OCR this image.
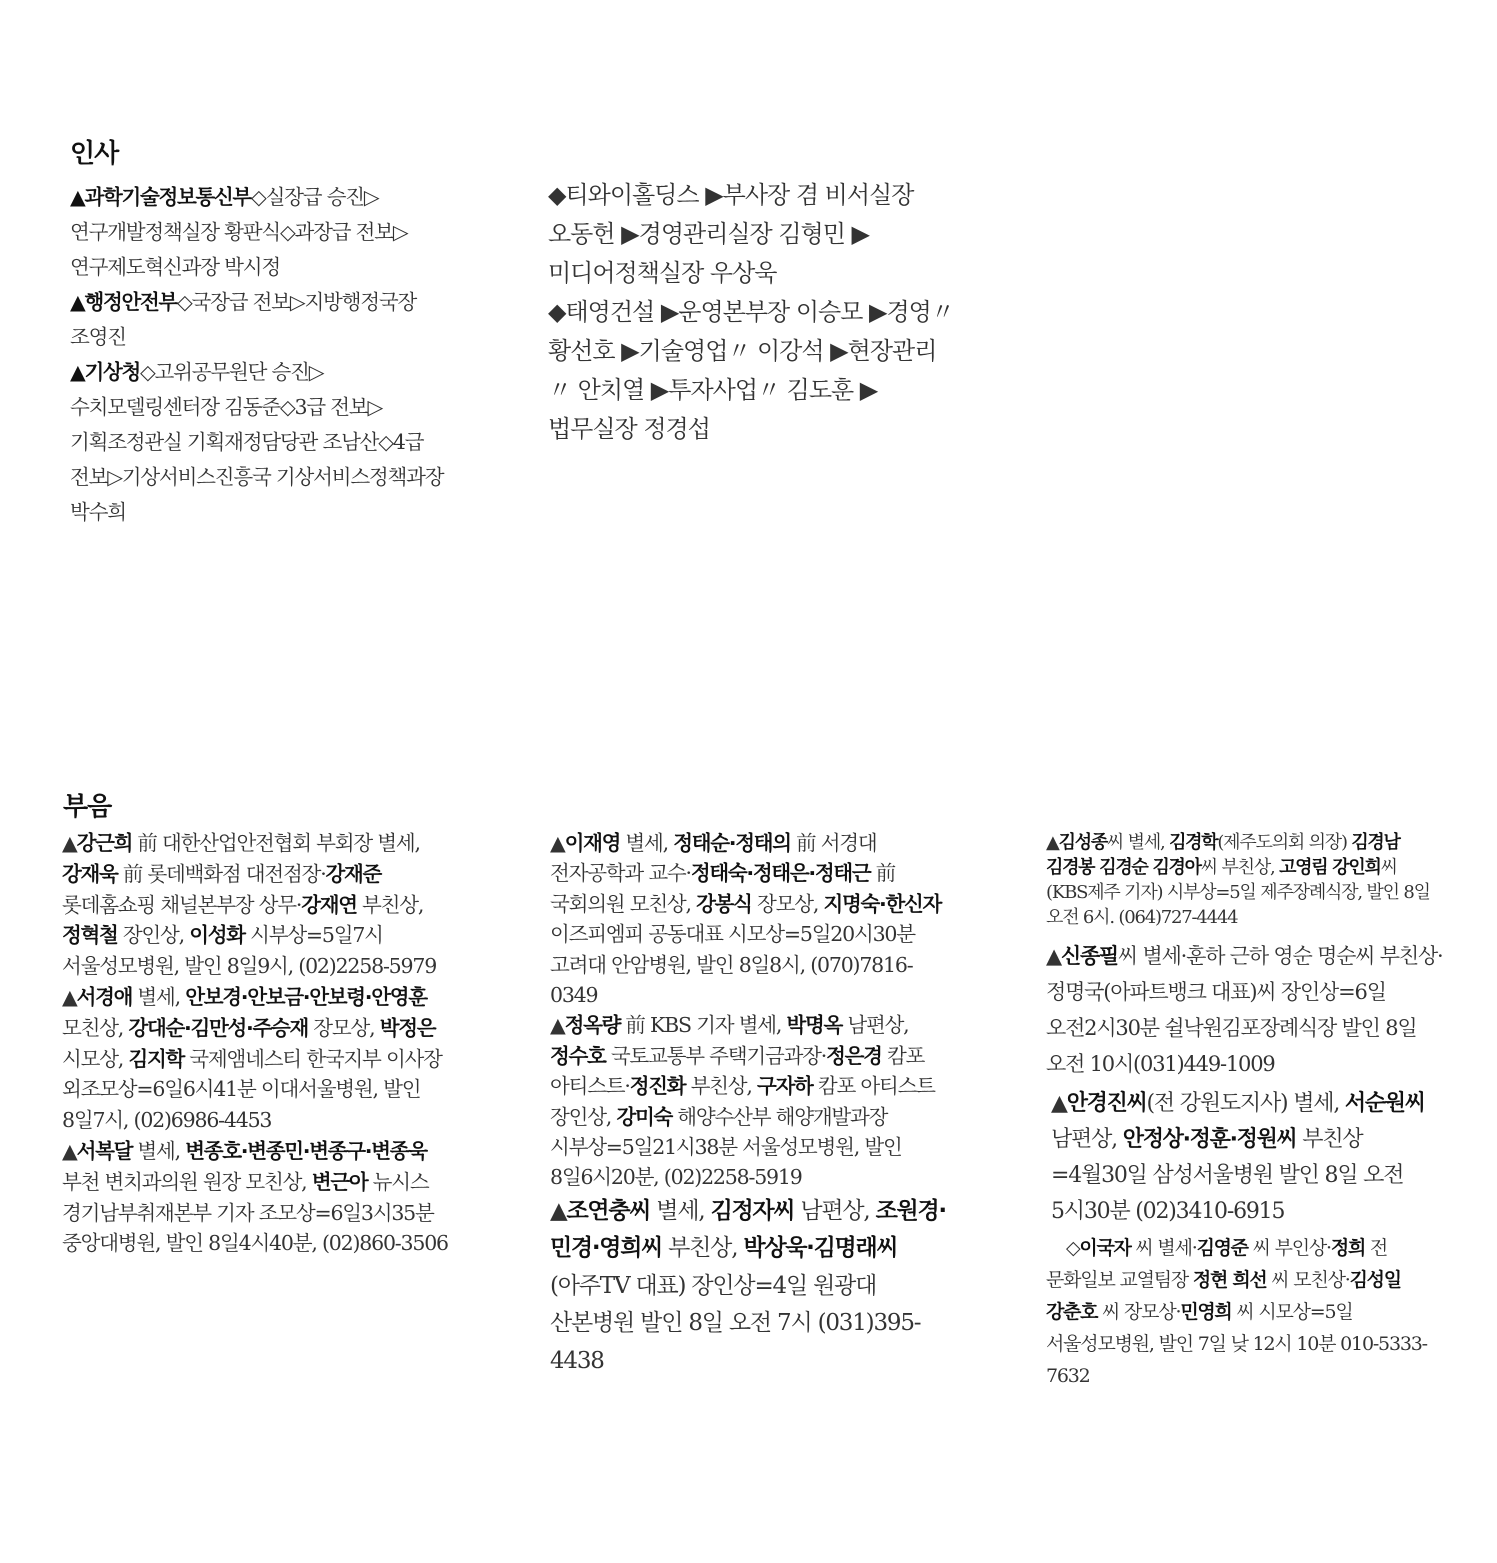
인사

▲과학기술정보통신부◇실장급 승진▷연구개발정책실장 황판식◇과장급 전보▷연구제도혁신과장 박시정

▲행정안전부◇국장급 전보▷지방행정국장 조영진

▲기상청◇고위공무원단 승진▷수치모델링센터장 김동준◇3급 전보▷기획조정관실 기획재정담당관 조남산◇4급 전보▷기상서비스진흥국 기상서비스정책과장 박수희

◆티와이홀딩스 ▶부사장 겸 비서실장 오동헌 ▶경영관리실장 김형민 ▶미디어정책실장 우상욱

◆태영건설 ▶운영본부장 이승모 ▶경영〃 황선호 ▶기술영업〃 이강석 ▶현장관리〃 안치열 ▶투자사업〃 김도훈 ▶법무실장 정경섭

부음

▲강근희 前 대한산업안전협회 부회장 별세, 강재욱 前 롯데백화점 대전점장·강재준 롯데홈쇼핑 채널본부장 상무·강재연 부친상, 정혁철 장인상, 이성화 시부상=5일7시 서울성모병원, 발인 8일9시, (02)2258-5979

▲서경애 별세, 안보경·안보금·안보령·안영훈 모친상, 강대순·김만성·주승재 장모상, 박정은 시모상, 김지학 국제앰네스티 한국지부 이사장 외조모상=6일6시41분 이대서울병원, 발인 8일7시, (02)6986-4453

▲서복달 별세, 변종호·변종민·변종구·변종욱 부천 변치과의원 원장 모친상, 변근아 뉴시스 경기남부취재본부 기자 조모상=6일3시35분 중앙대병원, 발인 8일4시40분, (02)860-3506

▲이재영 별세, 정태순·정태의 前 서경대 전자공학과 교수·정태숙·정태은·정태근 前 국회의원 모친상, 강봉식 장모상, 지명숙·한신자 이즈피엠피 공동대표 시모상=5일20시30분 고려대 안암병원, 발인 8일8시, (070)7816-0349

▲정옥량 前 KBS 기자 별세, 박명옥 남편상, 정수호 국토교통부 주택기금과장·정은경 캄포 아티스트·정진화 부친상, 구자하 캄포 아티스트 장인상, 강미숙 해양수산부 해양개발과장 시부상=5일21시38분 서울성모병원, 발인 8일6시20분, (02)2258-5919

▲조연충씨 별세, 김정자씨 남편상, 조원경·민경·영희씨 부친상, 박상욱·김명래씨(아주TV 대표) 장인상=4일 원광대 산본병원 발인 8일 오전 7시 (031)395-4438

▲김성종씨 별세, 김경학(제주도의회 의장) 김경남 김경봉 김경순 김경아씨 부친상, 고영림 강인희씨(KBS제주 기자) 시부상=5일 제주장례식장, 발인 8일 오전 6시. (064)727-4444

▲신종필씨 별세·훈하 근하 영순 명순씨 부친상·정명국(아파트뱅크 대표)씨 장인상=6일 오전2시30분 쉴낙원김포장례식장 발인 8일 오전 10시(031)449-1009

▲안경진씨(전 강원도지사) 별세, 서순원씨 남편상, 안정상·정훈·정원씨 부친상=4월30일 삼성서울병원 발인 8일 오전 5시30분 (02)3410-6915

◇이국자 씨 별세·김영준 씨 부인상·정희 전 문화일보 교열팀장 정현 희선 씨 모친상·김성일 강춘호 씨 장모상·민영희 씨 시모상=5일 서울성모병원, 발인 7일 낮 12시 10분 010-5333-7632
